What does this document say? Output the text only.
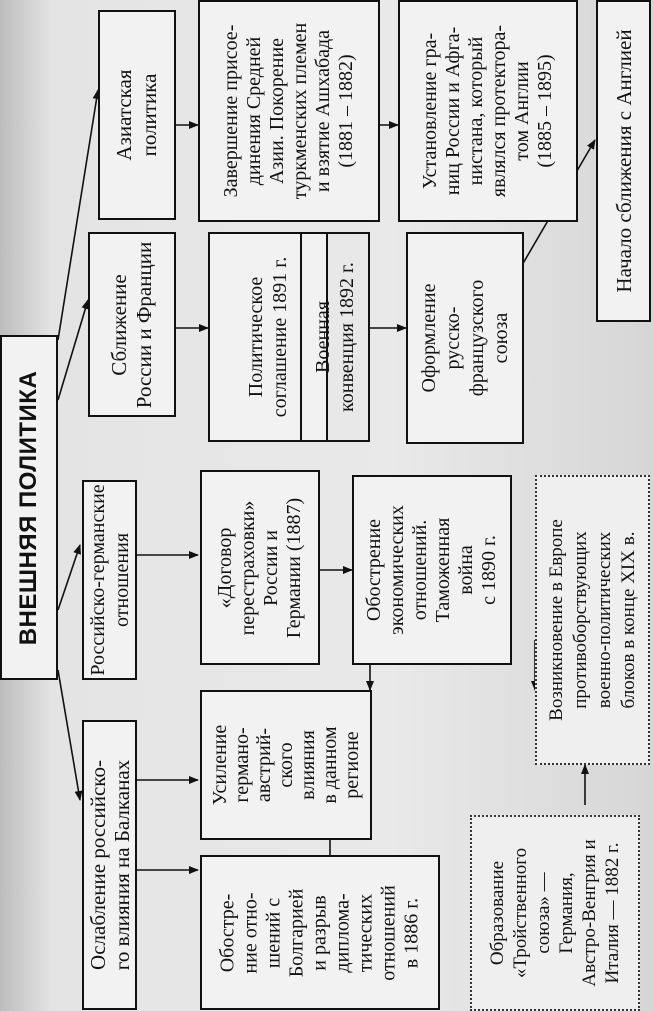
ВНЕШНЯЯ ПОЛИТИКА
Ослабление российско-
го влияния на Балканах	Усиление
германо-
австрий-
ского
влияния
в данном
регионе
Обостре-
ние отно-
шений с
Болгарией
и разрыв
диплома-
тических
отношений
в 1886 г.
Российско-германские
отношения	«Договор
перестраховки»
России и
Германии (1887)	Обострение
экономических
отношений.
Таможенная
война
с 1890 г.
Сближение
России и Франции	Политическое
соглашение 1891 г.
Военная
конвенция 1892 г.
Оформление
русско-
французского
союза
Азиатская
политика	Завершение присое-
динения Средней
Азии. Покорение
туркменских племен
и взятие Ашхабада
(1881 – 1882)	Установление гра-
ниц России и Афга-
нистана, который
являлся протектора-
том Англии
(1885 – 1895)
Образование
«Тройственного
союза» —
Германия,
Австро-Венгрия и
Италия — 1882 г.
Возникновение в Европе
противоборствующих
военно-политических
блоков в конце XIX в.
Начало сближения с Англией
